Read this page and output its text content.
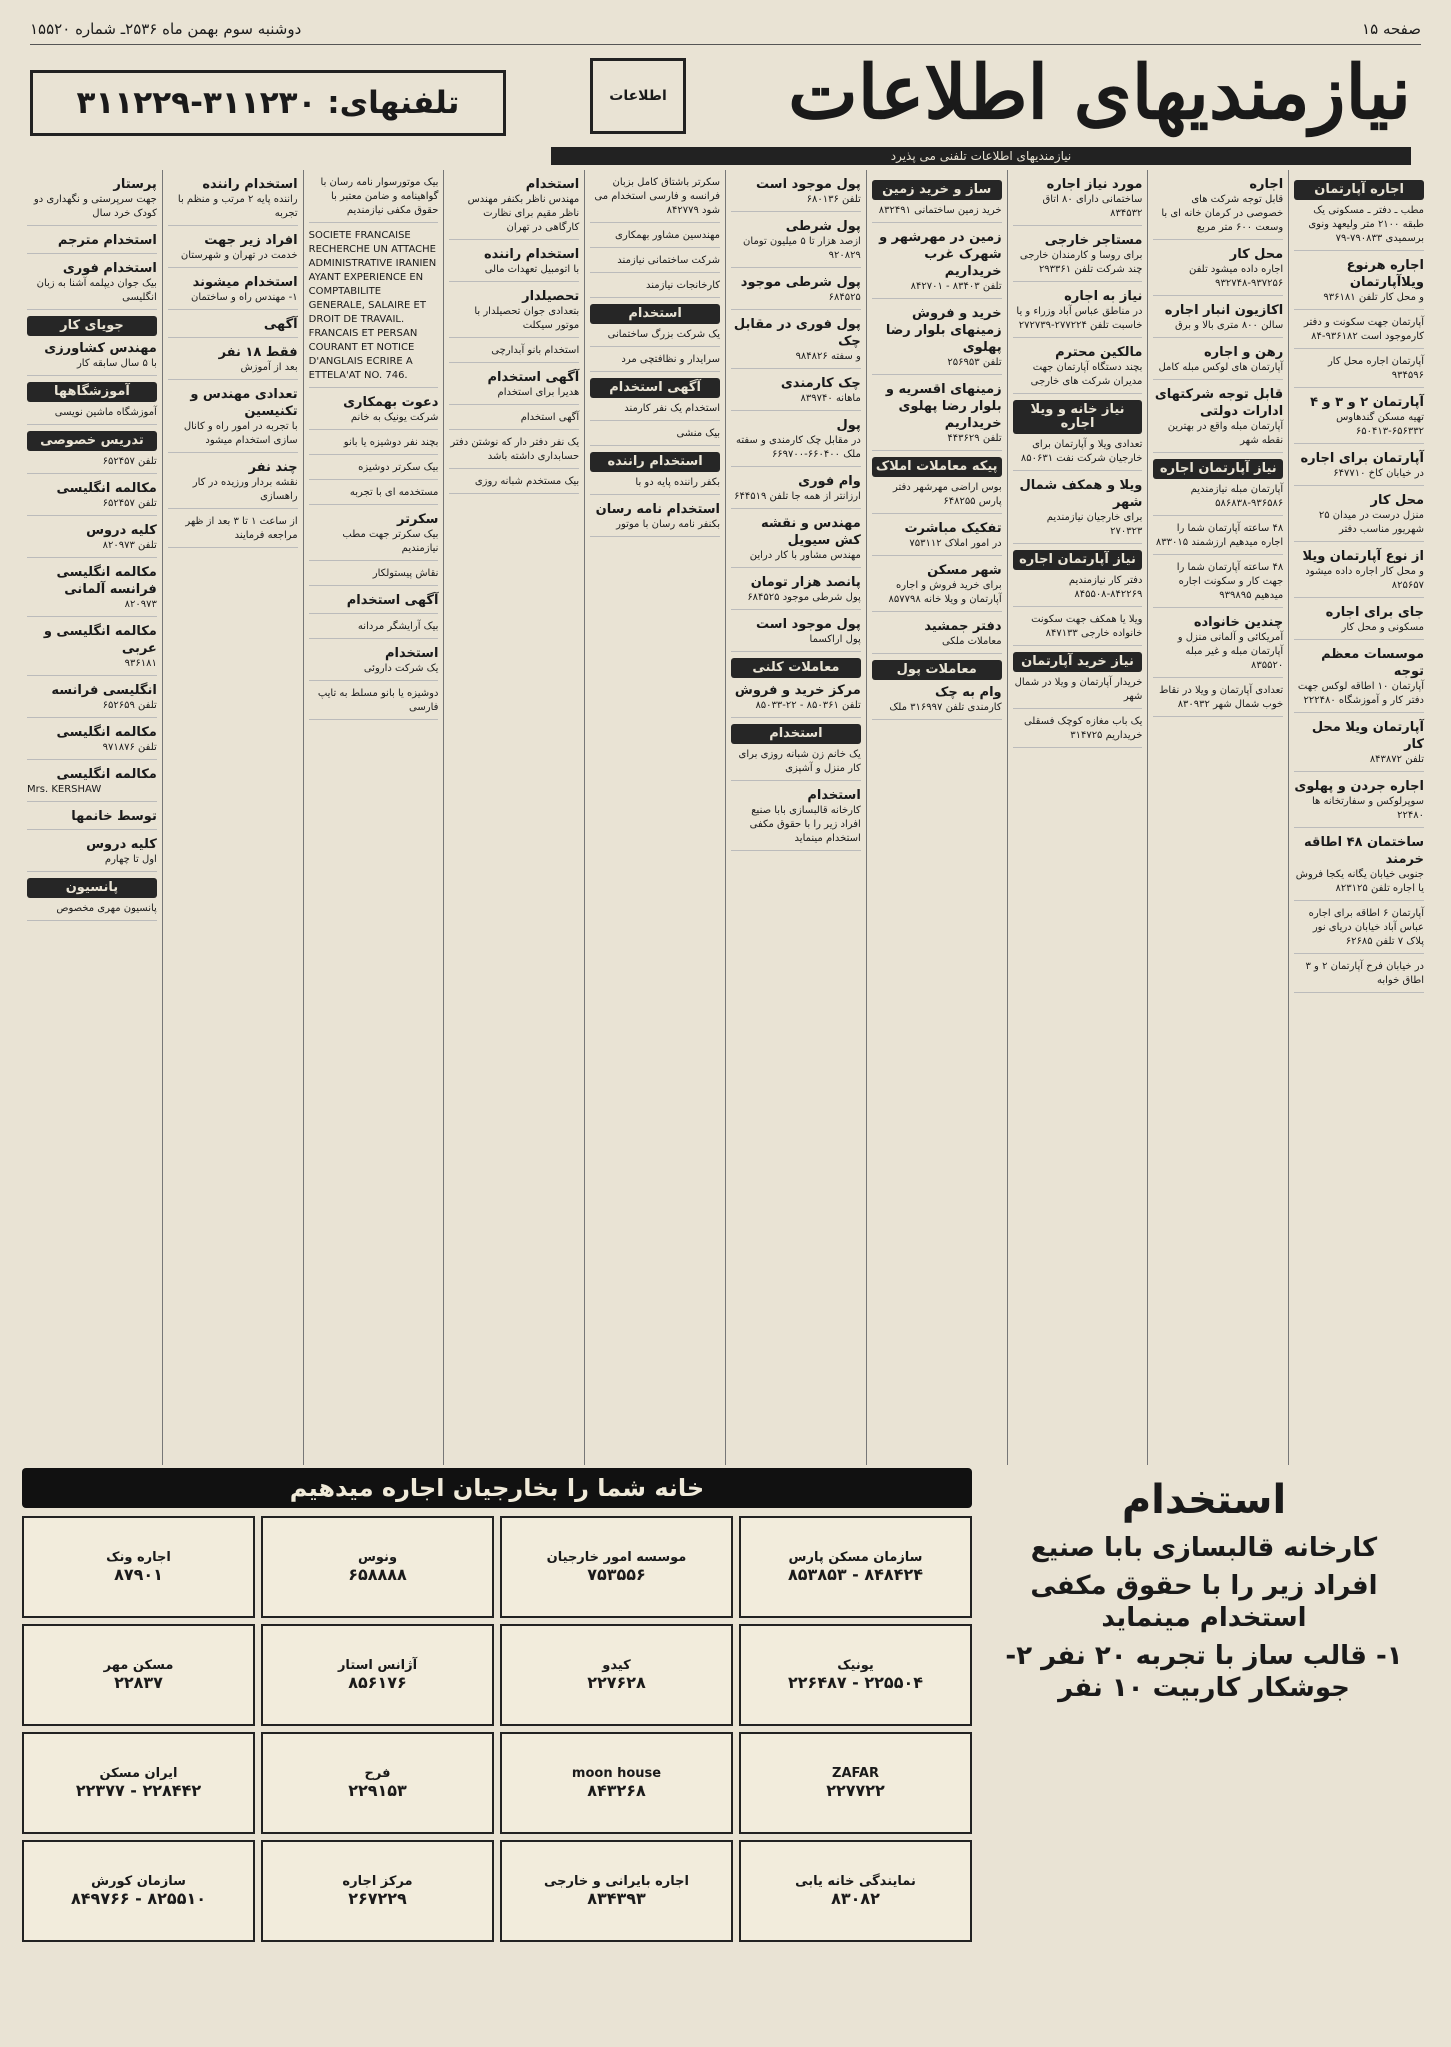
صفحه ۱۵
دوشنبه سوم بهمن ماه ۲۵۳۶ـ شماره ۱۵۵۲۰
نیازمندیهای اطلاعات
اطلاعات
تلفنهای: ۳۱۱۲۳۰-۳۱۱۲۲۹
نیازمندیهای اطلاعات تلفنی می پذیرد
اجاره آپارتمان
مطب ـ دفتر ـ مسکونی یک طبقه ۲۱۰۰ متر ولیعهد ونوی برسمیدی ۷۹۰۸۳۳-۷۹
اجاره هرنوع ویلاآپارتمان
و محل کار تلفن ۹۳۶۱۸۱
آپارتمان جهت سکونت و دفتر کارموجود است ۹۳۶۱۸۲-۸۴
آپارتمان اجاره محل کار ۹۳۴۵۹۶
آپارتمان ۲ و ۳ و ۴
تهیه مسکن گندهاوس ۶۵۶۳۳۲-۶۵۰۴۱۳
آپارتمان برای اجاره
در خیابان کاخ ۶۴۷۷۱۰
محل کار
منزل درست در میدان ۲۵ شهریور مناسب دفتر
از نوع آپارتمان ویلا
و محل کار اجاره داده میشود ۸۲۵۶۵۷
جای برای اجاره
مسکونی و محل کار
موسسات معظم توجه
آپارتمان ۱۰ اطاقه لوکس جهت دفتر کار و آموزشگاه ۲۲۲۴۸۰
آپارتمان ویلا محل کار
تلفن ۸۴۳۸۷۲
اجاره جردن و پهلوی
سوپرلوکس و سفارتخانه ها ۲۲۴۸۰
ساختمان ۴۸ اطاقه خرمند
جنوبی خیابان یگانه یکجا فروش یا اجاره تلفن ۸۲۳۱۲۵
آپارتمان ۶ اطاقه برای اجاره عباس آباد خیابان دریای نور پلاک ۷ تلفن ۶۲۶۸۵
در خیابان فرح آپارتمان ۲ و ۳ اطاق خوابه
اجاره
قابل توجه شرکت های خصوصی در کرمان خانه ای با وسعت ۶۰۰ متر مربع
محل کار
اجاره داده میشود تلفن ۹۳۷۲۵۶-۹۳۲۷۴۸
اکازیون انبار اجاره
سالن ۸۰۰ متری بالا و برق
رهن و اجاره
آپارتمان های لوکس مبله کامل
قابل توجه شرکتهای ادارات دولتی
آپارتمان مبله واقع در بهترین نقطه شهر
نیاز آپارتمان اجاره
آپارتمان مبله نیازمندیم ۹۳۶۵۸۶-۵۸۶۸۳۸
۴۸ ساعته آپارتمان شما را اجاره میدهیم ارزشمند ۸۳۳۰۱۵
۴۸ ساعته آپارتمان شما را جهت کار و سکونت اجاره میدهیم ۹۳۹۸۹۵
چندین خانواده
آمریکائی و آلمانی منزل و آپارتمان مبله و غیر مبله ۸۳۵۵۲۰
تعدادی آپارتمان و ویلا در نقاط خوب شمال شهر ۸۳۰۹۳۲
مورد نیاز اجاره
ساختمانی دارای ۸۰ اتاق ۸۳۴۵۳۲
مستاجر خارجی
برای روسا و کارمندان خارجی چند شرکت تلفن ۲۹۳۳۶۱
نیاز به اجاره
در مناطق عباس آباد وزراء و یا خاسبت تلفن ۲۷۷۲۲۴-۲۷۲۷۳۹
مالکین محترم
بچند دستگاه آپارتمان جهت مدیران شرکت های خارجی
نیاز خانه و ویلا اجاره
تعدادی ویلا و آپارتمان برای خارجیان شرکت نفت ۸۵۰۶۳۱
ویلا و همکف شمال شهر
برای خارجیان نیازمندیم ۲۷۰۳۲۳
نیاز آپارتمان اجاره
دفتر کار نیازمندیم ۸۴۲۲۶۹-۸۴۵۵۰۸
ویلا یا همکف جهت سکونت خانواده خارجی ۸۴۷۱۳۳
نیاز خرید آپارتمان
خریدار آپارتمان و ویلا در شمال شهر
یک باب مغازه کوچک فسقلی خریداریم ۳۱۴۷۲۵
ساز و خرید زمین
خرید زمین ساختمانی ۸۳۲۴۹۱
زمین در مهرشهر و شهرک غرب خریداریم
تلفن ۸۳۴۰۳ - ۸۴۲۷۰۱
خرید و فروش زمینهای بلوار رضا پهلوی
تلفن ۲۵۶۹۵۳
زمینهای اقسریه و بلوار رضا پهلوی خریداریم
تلفن ۴۴۳۶۲۹
پیکه معاملات املاک
بوس اراضی مهرشهر دفتر پارس ۶۴۸۲۵۵
تفکیک مباشرت
در امور املاک ۷۵۳۱۱۲
شهر مسکن
برای خرید فروش و اجاره آپارتمان و ویلا خانه ۸۵۷۷۹۸
دفتر جمشید
معاملات ملکی
معاملات پول
وام به چک
کارمندی تلفن ۳۱۶۹۹۷ ملک
پول موجود است
تلفن ۶۸۰۱۳۶
پول شرطی
ازصد هزار تا ۵ میلیون تومان ۹۲۰۸۲۹
پول شرطی موجود
۶۸۴۵۲۵
پول فوری در مقابل چک
و سفته ۹۸۴۸۲۶
چک کارمندی
ماهانه ۸۳۹۷۴۰
پول
در مقابل چک کارمندی و سفته ملک ۶۶۰۴۰۰-۶۶۹۷۰۰
وام فوری
ارزانتر از همه جا تلفن ۶۴۴۵۱۹
مهندس و نقشه کش سیویل
مهندس مشاور با کار دراین
پانصد هزار تومان
پول شرطی موجود ۶۸۴۵۲۵
پول موجود است
پول اراکسما
معاملات کلنی
مرکز خرید و فروش
تلفن ۸۵۰۳۶۱ - ۲۲-۸۵۰۳۳
استخدام
یک خانم زن شبانه روزی برای کار منزل و آشپزی
استخدام
کارخانه قالبسازی بابا صنیع افراد زیر را با حقوق مکفی استخدام مینماید
سکرتر باشتاق کامل بزبان فرانسه و فارسی استخدام می شود ۸۴۲۷۷۹
مهندسین مشاور بهمکاری
شرکت ساختمانی نیازمند
کارخانجات نیازمند
استخدام
یک شرکت بزرگ ساختمانی
سرایدار و نظافتچی مرد
آگهی استخدام
استخدام یک نفر کارمند
بیک منشی
استخدام راننده
بکفر راننده پایه دو با
استخدام نامه رسان
بکنفر نامه رسان با موتور
استخدام
مهندس ناظر بکنفر مهندس ناظر مقیم برای نظارت کارگاهی در تهران
استخدام راننده
با اتومبیل تعهدات مالی
تحصیلدار
بتعدادی جوان تحصیلدار با موتور سیکلت
استخدام بانو آبدارچی
آگهی استخدام
هدیرا برای استخدام
آگهی استخدام
یک نفر دفتر دار که نوشتن دفتر حسابداری داشته باشد
بیک مستخدم شبانه روزی
بیک موتورسوار نامه رسان با گواهینامه و ضامن معتبر با حقوق مکفی نیازمندیم
SOCIETE FRANCAISE RECHERCHE UN ATTACHE ADMINISTRATIVE IRANIEN AYANT EXPERIENCE EN COMPTABILITE GENERALE, SALAIRE ET DROIT DE TRAVAIL. FRANCAIS ET PERSAN COURANT ET NOTICE D'ANGLAIS ECRIRE A ETTELA'AT NO. 746.
دعوت بهمکاری
شرکت یونیک به خانم
بچند نفر دوشیزه یا بانو
بیک سکرتر دوشیزه
مستخدمه ای با تجربه
سکرتر
بیک سکرتر جهت مطب نیازمندیم
نقاش پیستولکار
آگهی استخدام
بیک آرایشگر مردانه
استخدام
یک شرکت داروئی
دوشیزه یا بانو مسلط به تایپ فارسی
استخدام راننده
راننده پایه ۲ مرتب و منظم با تجربه
افراد زیر جهت
خدمت در تهران و شهرستان
استخدام میشوند
۱- مهندس راه و ساختمان
آگهی
فقط ۱۸ نفر
بعد از آموزش
تعدادی مهندس و تکنیسین
با تجربه در امور راه و کانال سازی استخدام میشود
چند نفر
نقشه بردار ورزیده در کار راهسازی
از ساعت ۱ تا ۳ بعد از ظهر مراجعه فرمایند
پرستار
جهت سرپرستی و نگهداری دو کودک خرد سال
استخدام مترجم
استخدام فوری
بیک جوان دیپلمه آشنا به زبان انگلیسی
جویای کار
مهندس کشاورزی
با ۵ سال سابقه کار
آموزشگاهها
آموزشگاه ماشین نویسی
تدریس خصوصی
تلفن ۶۵۲۴۵۷
مکالمه انگلیسی
تلفن ۶۵۲۴۵۷
کلیه دروس
تلفن ۸۲۰۹۷۳
مکالمه انگلیسی فرانسه آلمانی
۸۲۰۹۷۳
مکالمه انگلیسی و عربی
۹۳۶۱۸۱
انگلیسی فرانسه
تلفن ۶۵۲۶۵۹
مکالمه انگلیسی
تلفن ۹۷۱۸۷۶
مکالمه انگلیسی
Mrs. KERSHAW
توسط خانمها
کلیه دروس
اول تا چهارم
پانسیون
پانسیون مهری مخصوص
استخدام
کارخانه قالبسازی بابا صنیع
افراد زیر را با حقوق مکفی استخدام مینماید
۱- قالب ساز با تجربه ۲۰ نفر ۲- جوشکار کاربیت ۱۰ نفر
خانه شما را بخارجیان اجاره میدهیم
سازمان مسکن پارس
۸۴۸۴۲۴ - ۸۵۳۸۵۳
موسسه امور خارجیان
۷۵۳۵۵۶
ونوس
۶۵۸۸۸۸
اجاره ونک
۸۷۹۰۱
یونیک
۲۲۵۵۰۴ - ۲۲۶۴۸۷
کیدو
۲۲۷۶۲۸
آژانس استار
۸۵۶۱۷۶
مسکن مهر
۲۲۸۳۷
ZAFAR
۲۲۷۷۲۲
moon house
۸۴۳۲۶۸
فرح
۲۲۹۱۵۳
ایران مسکن
۲۲۸۴۴۲ - ۲۲۳۷۷
نمایندگی خانه یابی
۸۳۰۸۲
اجاره بایرانی و خارجی
۸۳۴۳۹۳
مرکز اجاره
۲۶۷۲۲۹
سازمان کورش
۸۲۵۵۱۰ - ۸۴۹۷۶۶
